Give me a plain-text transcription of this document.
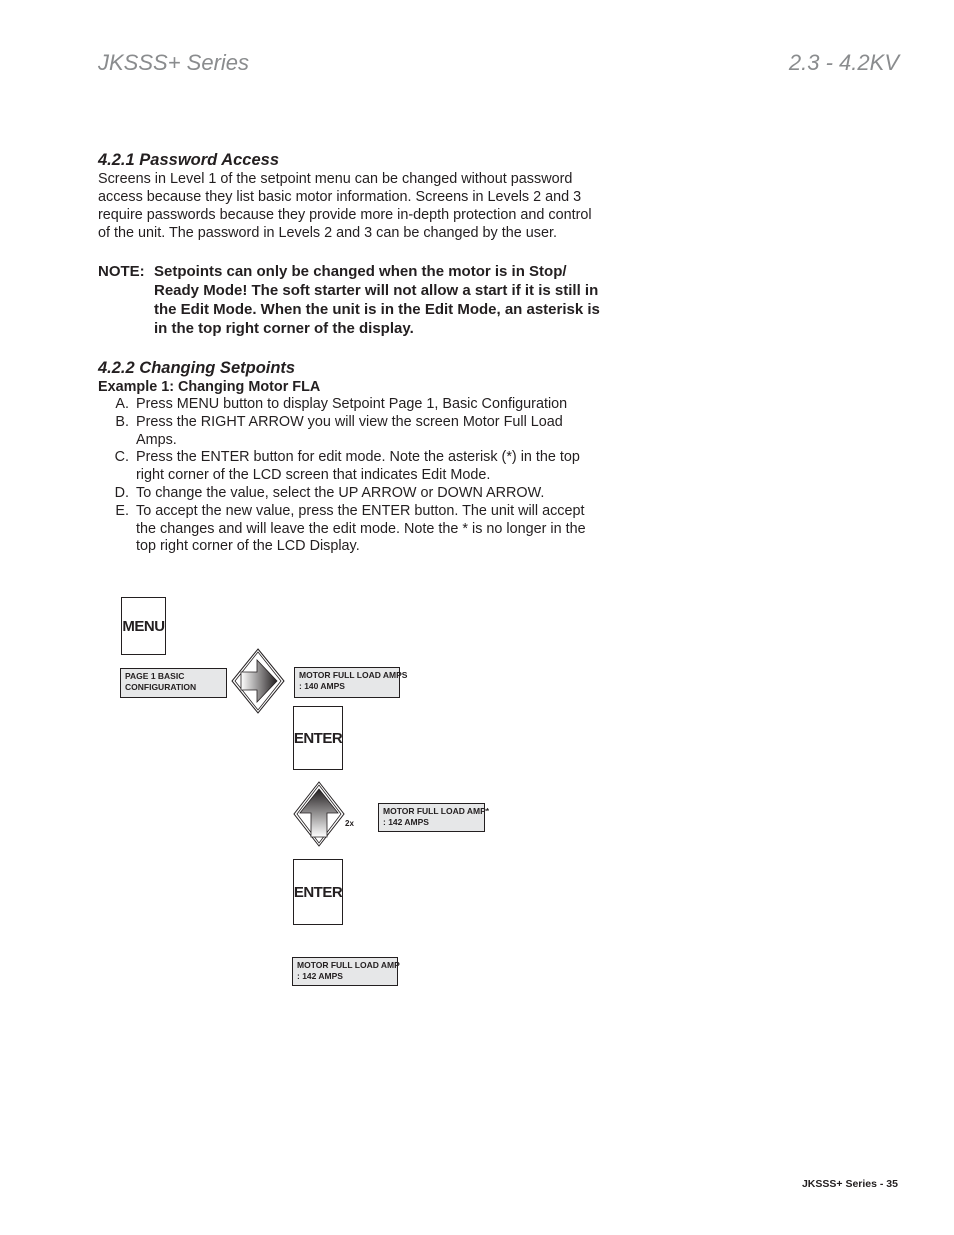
JKSSS+ Series	2.3 - 4.2KV
4.2.1 Password Access

Screens in Level 1 of the setpoint menu can be changed without password access because they list basic motor information. Screens in Levels 2 and 3 require passwords because they provide more in-depth protection and control of the unit. The password in Levels 2 and 3 can be changed by the user.

NOTE: Setpoints can only be changed when the motor is in Stop/ Ready Mode! The soft starter will not allow a start if it is still in the Edit Mode. When the unit is in the Edit Mode, an asterisk is in the top right corner of the display.
4.2.2 Changing Setpoints
Example 1: Changing Motor FLA
A. Press MENU button to display Setpoint Page 1, Basic Configuration
B. Press the RIGHT ARROW you will view the screen Motor Full Load Amps.
C. Press the ENTER button for edit mode. Note the asterisk (*) in the top right corner of the LCD screen that indicates Edit Mode.
D. To change the value, select the UP ARROW or DOWN ARROW.
E. To accept the new value, press the ENTER button. The unit will accept the changes and will leave the edit mode. Note the * is no longer in the top right corner of the LCD Display.
MENU
PAGE 1 BASIC
CONFIGURATION
MOTOR FULL LOAD AMPS
: 140 AMPS
ENTER
2x
MOTOR FULL LOAD AMP*
: 142 AMPS
ENTER
MOTOR FULL LOAD AMP
: 142 AMPS
JKSSS+ Series - 35
